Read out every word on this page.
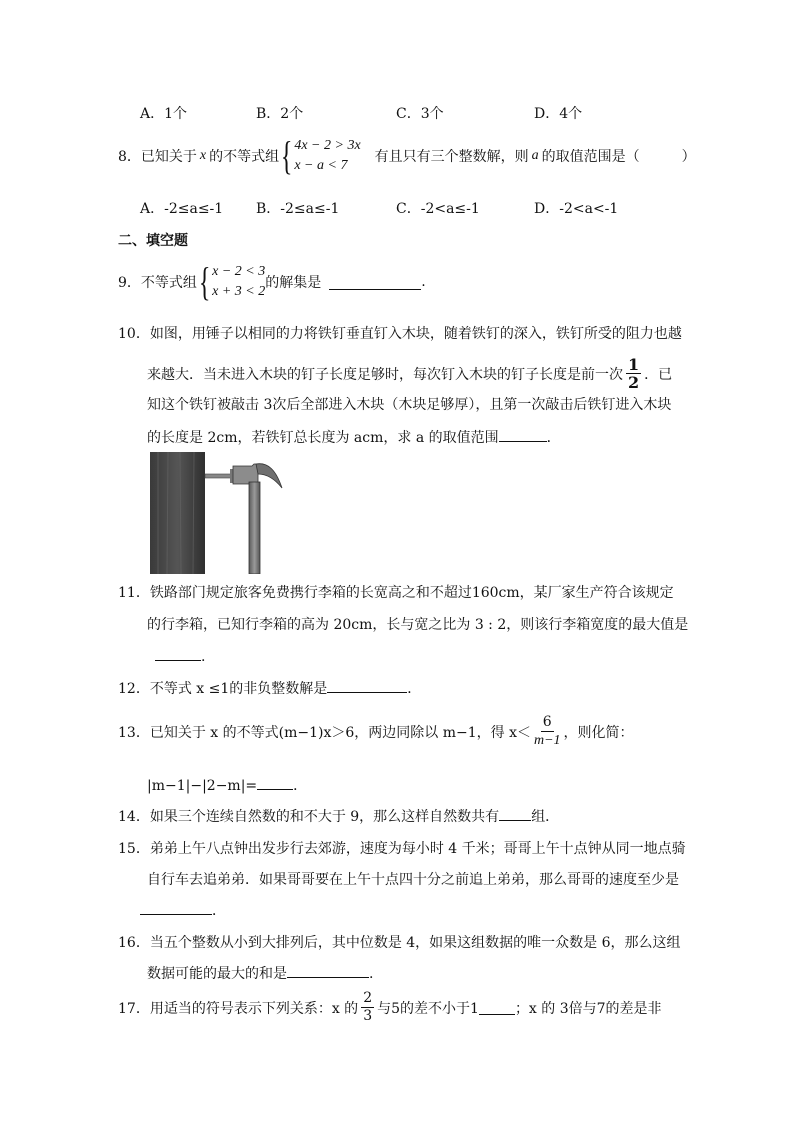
A．1个	B．2个	C．3个	D．4个
8． 已知关于 x 的不等式组 { 4x − 2 > 3x
x − a < 7
有且只有三个整数解，则 a 的取值范围是（　　　）
A．-2≤a≤-1 B．-2≤a≤-1	C．-2<a≤-1	D．-2<a<-1
二、填空题
9． 不等式组 { x − 2 < 3
x + 3 < 2
的解集是	.
10．如图，用锤子以相同的力将铁钉垂直钉入木块，随着铁钉的深入，铁钉所受的阻力也越
来越大．当未进入木块的钉子长度足够时，每次钉入木块的钉子长度是前一次 $\frac{1}{2}$ ．已
知这个铁钉被敲击 3次后全部进入木块（木块足够厚），且第一次敲击后铁钉进入木块
的长度是 2cm，若铁钉总长度为 acm，求 a 的取值范围	．
11．铁路部门规定旅客免费携行李箱的长宽高之和不超过160cm，某厂家生产符合该规定
的行李箱，已知行李箱的高为 20cm，长与宽之比为 3 : 2，则该行李箱宽度的最大值是
.
12．不等式 x ≤1的非负整数解是	．
13． 已知关于 x 的不等式(m−1)x＞6，两边同除以 m−1，得 $x< \frac{6}{m-1}$ ，则化简：
|m−1|−|2−m|=	．
14．如果三个连续自然数的和不大于 9，那么这样自然数共有 组．
15．弟弟上午八点钟出发步行去郊游，速度为每小时 4 千米；哥哥上午十点钟从同一地点骑
自行车去追弟弟．如果哥哥要在上午十点四十分之前追上弟弟，那么哥哥的速度至少是
．
16．当五个整数从小到大排列后，其中位数是 4，如果这组数据的唯一众数是 6，那么这组
数据可能的最大的和是	.
17． 用适当的符号表示下列关系：x 的 $\frac{2}{3}$ 与5的差不小于1	；x 的 3倍与7的差是非
